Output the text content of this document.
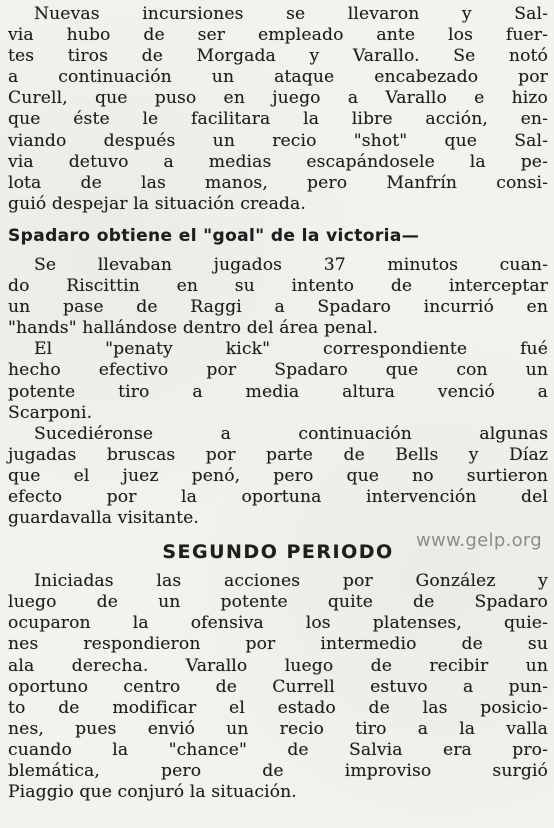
Nuevas incursiones se llevaron y Sal-
via hubo de ser empleado ante los fuer-
tes tiros de Morgada y Varallo. Se notó
a continuación un ataque encabezado por
Curell, que puso en juego a Varallo e hizo
que éste le facilitara la libre acción, en-
viando después un recio "shot" que Sal-
via detuvo a medias escapándosele la pe-
lota de las manos, pero Manfrín consi-
guió despejar la situación creada.

Spadaro obtiene el "goal" de la victoria—

Se llevaban jugados 37 minutos cuan-
do Riscittin en su intento de interceptar
un pase de Raggi a Spadaro incurrió en
"hands" hallándose dentro del área penal.

El "penaty kick" correspondiente fué
hecho efectivo por Spadaro que con un
potente tiro a media altura venció a
Scarponi.

Sucediéronse a continuación algunas
jugadas bruscas por parte de Bells y Díaz
que el juez penó, pero que no surtieron
efecto por la oportuna intervención del
guardavalla visitante.

SEGUNDO PERIODO

Iniciadas las acciones por González y
luego de un potente quite de Spadaro
ocuparon la ofensiva los platenses, quie-
nes respondieron por intermedio de su
ala derecha. Varallo luego de recibir un
oportuno centro de Currell estuvo a pun-
to de modificar el estado de las posicio-
nes, pues envió un recio tiro a la valla
cuando la "chance" de Salvia era pro-
blemática, pero de improviso surgió
Piaggio que conjuró la situación.

www.gelp.org
